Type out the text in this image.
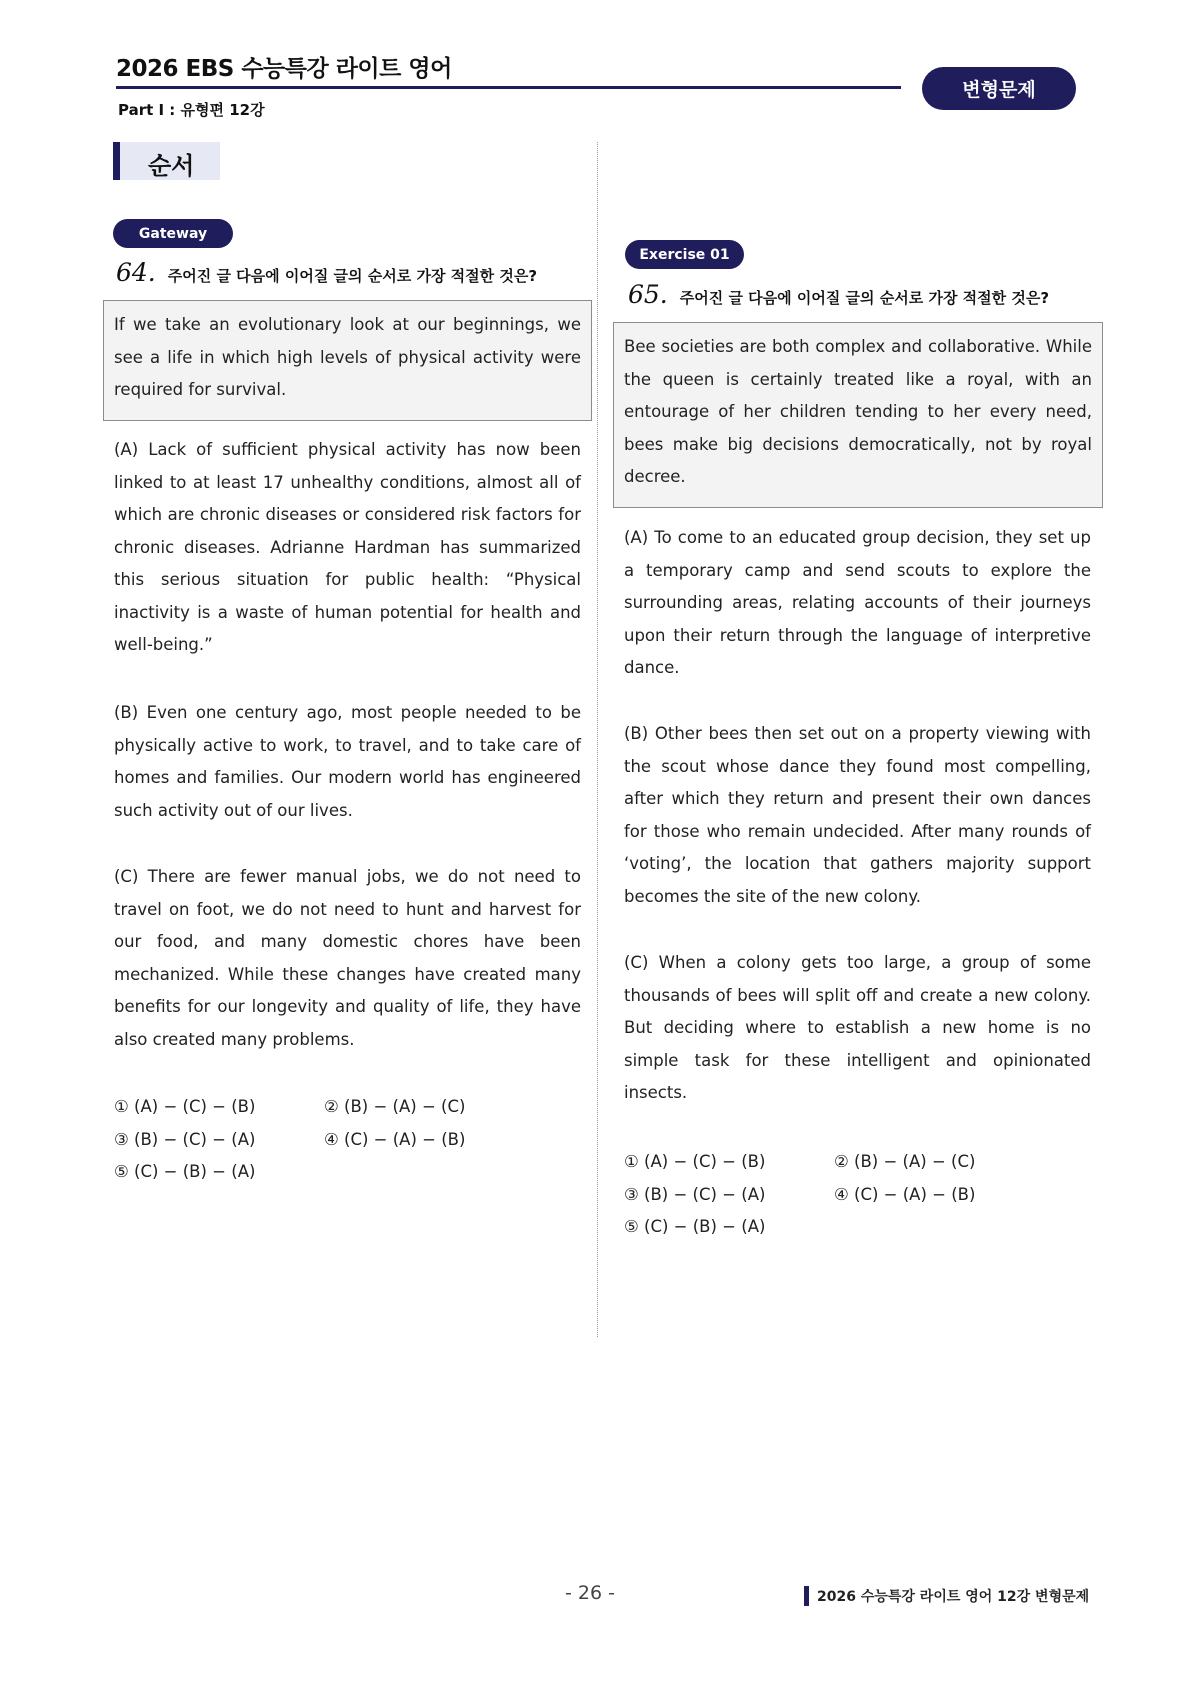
2026 EBS 수능특강 라이트 영어
Part Ⅰ : 유형편 12강
변형문제
순서
Gateway
64. 주어진 글 다음에 이어질 글의 순서로 가장 적절한 것은?
If we take an evolutionary look at our beginnings, we see a life in which high levels of physical activity were required for survival.
(A) Lack of sufficient physical activity has now been linked to at least 17 unhealthy conditions, almost all of which are chronic diseases or considered risk factors for chronic diseases. Adrianne Hardman has summarized this serious situation for public health: “Physical inactivity is a waste of human potential for health and well-being.”
(B) Even one century ago, most people needed to be physically active to work, to travel, and to take care of homes and families. Our modern world has engineered such activity out of our lives.
(C) There are fewer manual jobs, we do not need to travel on foot, we do not need to hunt and harvest for our food, and many domestic chores have been mechanized. While these changes have created many benefits for our longevity and quality of life, they have also created many problems.
① (A) − (C) − (B)	② (B) − (A) − (C)
③ (B) − (C) − (A)	④ (C) − (A) − (B)
⑤ (C) − (B) − (A)
Exercise 01
65. 주어진 글 다음에 이어질 글의 순서로 가장 적절한 것은?
Bee societies are both complex and collaborative. While the queen is certainly treated like a royal, with an entourage of her children tending to her every need, bees make big decisions democratically, not by royal decree.
(A) To come to an educated group decision, they set up a temporary camp and send scouts to explore the surrounding areas, relating accounts of their journeys upon their return through the language of interpretive dance.
(B) Other bees then set out on a property viewing with the scout whose dance they found most compelling, after which they return and present their own dances for those who remain undecided. After many rounds of ‘voting’, the location that gathers majority support becomes the site of the new colony.
(C) When a colony gets too large, a group of some thousands of bees will split off and create a new colony. But deciding where to establish a new home is no simple task for these intelligent and opinionated insects.
① (A) − (C) − (B)	② (B) − (A) − (C)
③ (B) − (C) − (A)	④ (C) − (A) − (B)
⑤ (C) − (B) − (A)
- 26 -	2026 수능특강 라이트 영어 12강 변형문제
